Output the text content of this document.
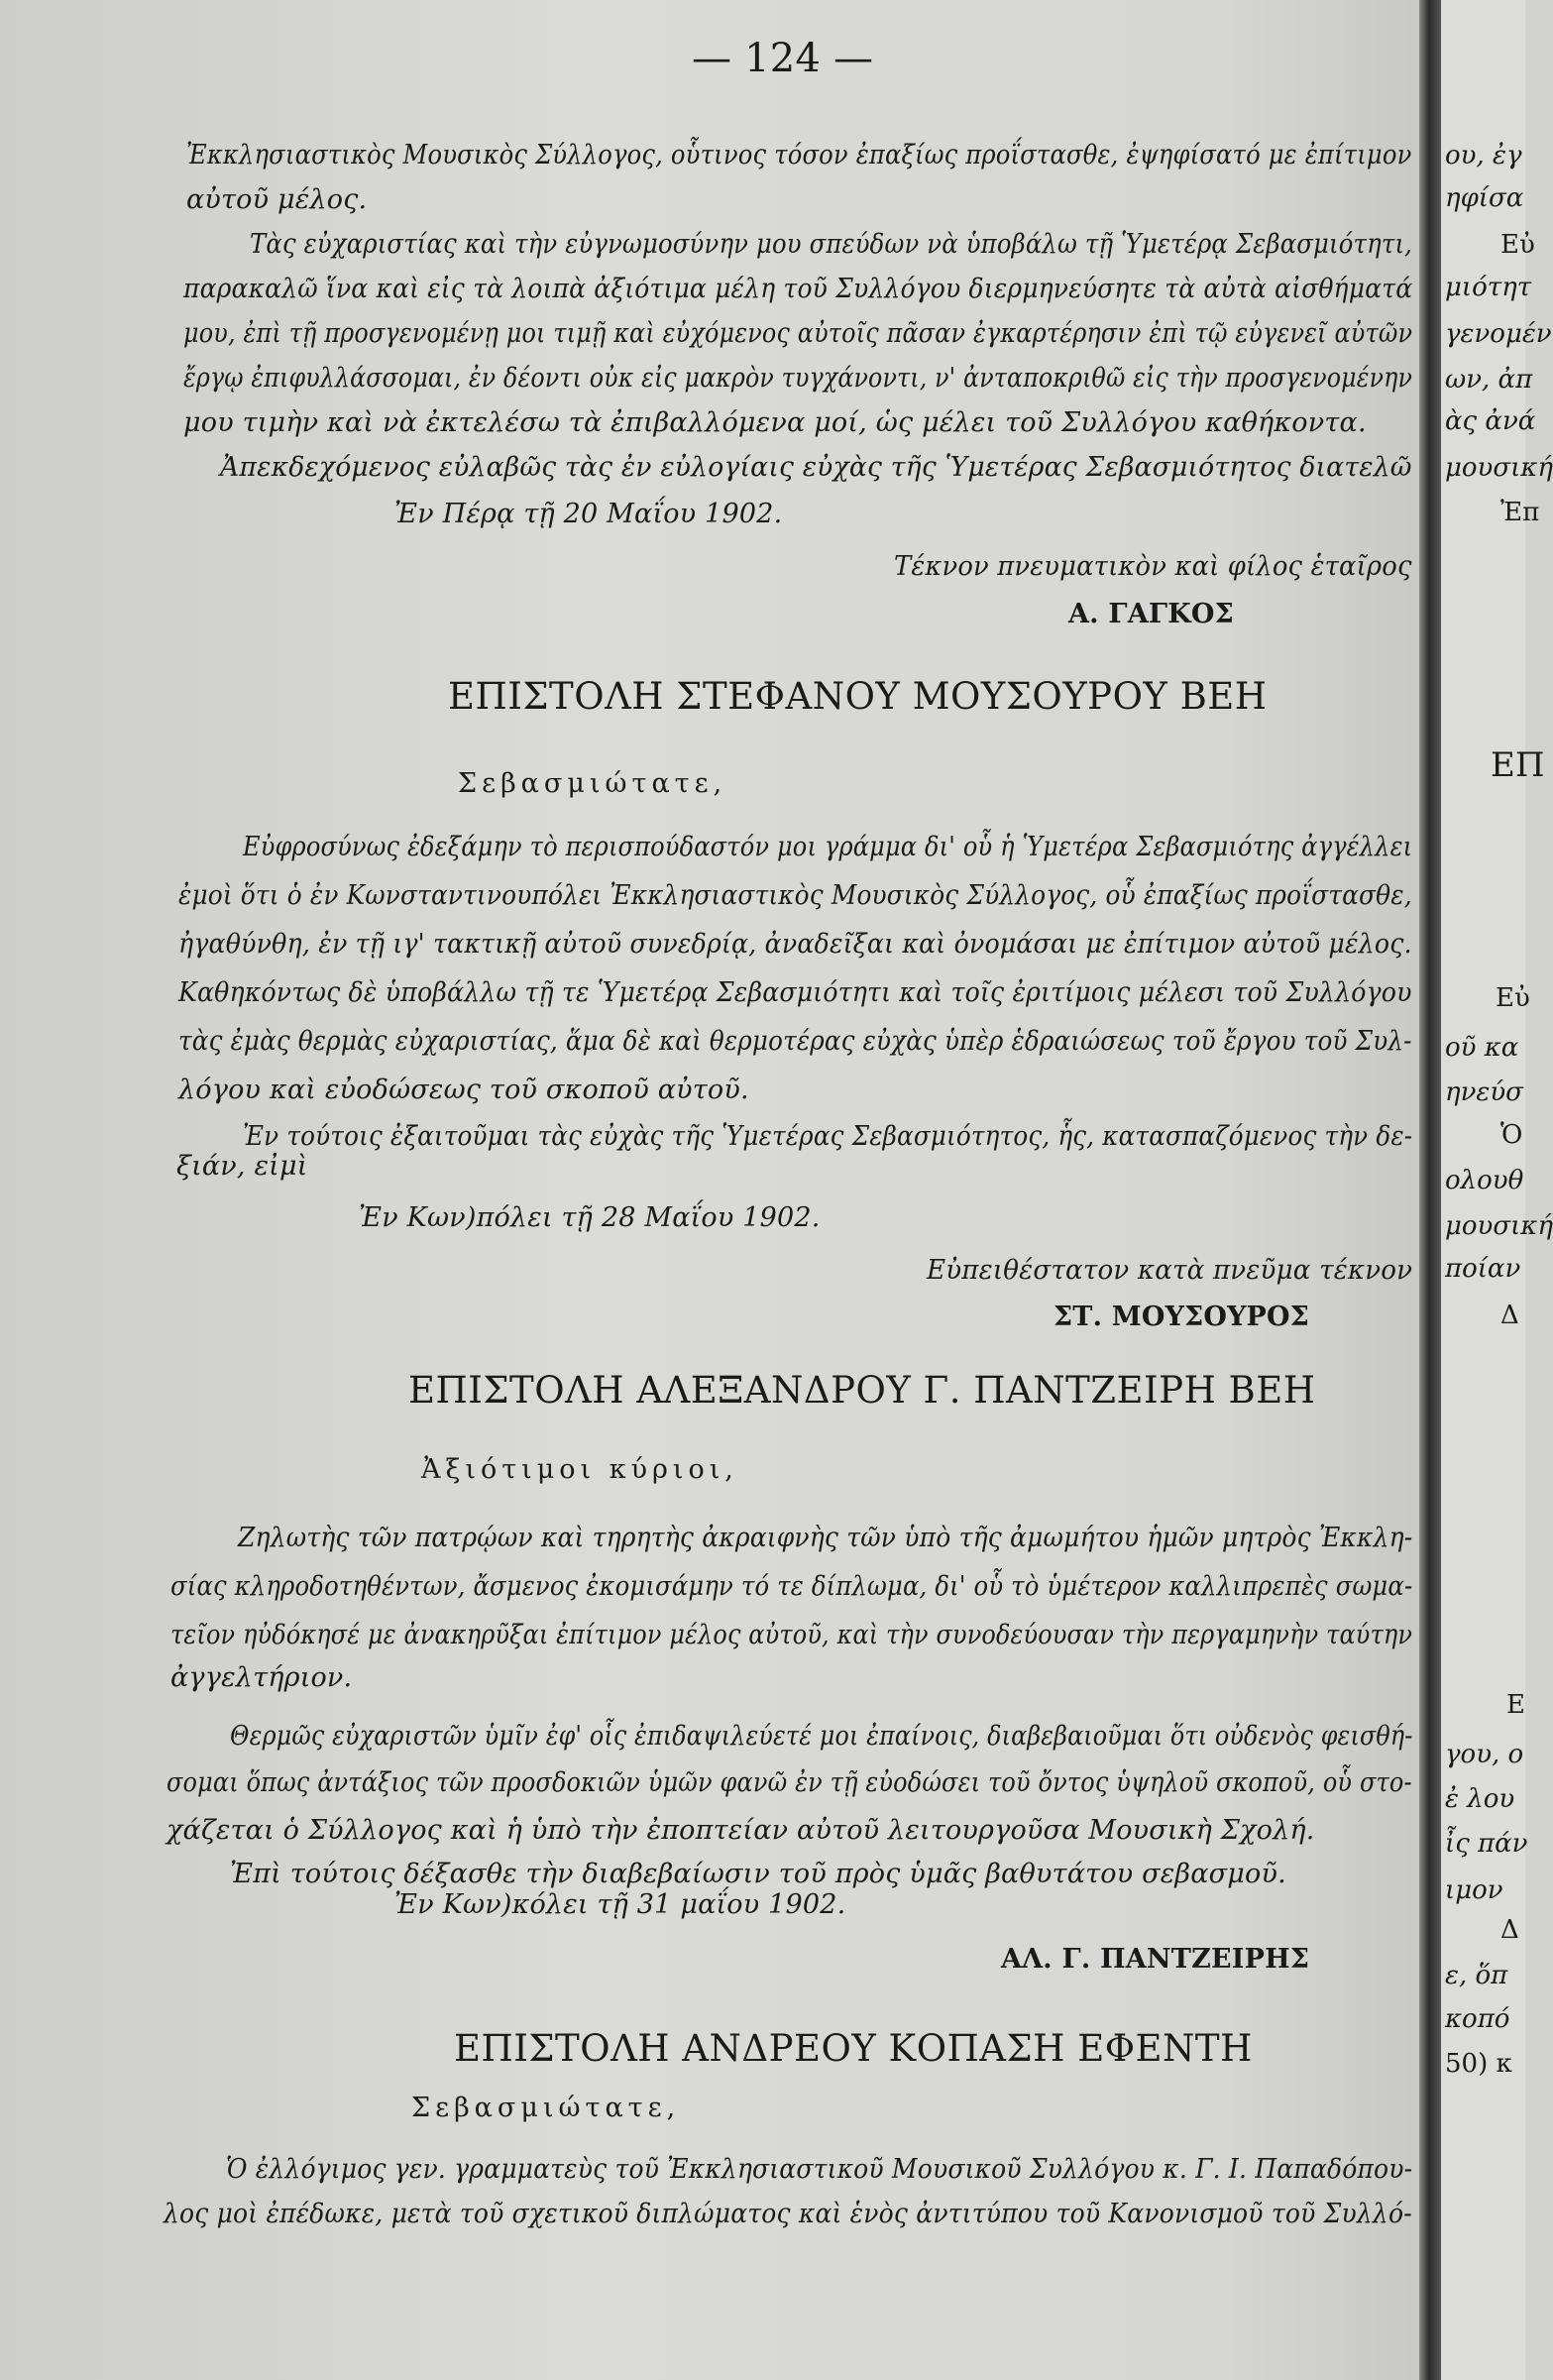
— 124 —
Ἐκκλησιαστικὸς Μουσικὸς Σύλλογος, οὗτινος τόσον ἐπαξίως προΐστασθε, ἐψηφίσατό με ἐπίτιμον
αὐτοῦ μέλος.
Τὰς εὐχαριστίας καὶ τὴν εὐγνωμοσύνην μου σπεύδων νὰ ὑποβάλω τῇ Ὑμετέρᾳ Σεβασμιότητι,
παρακαλῶ ἵνα καὶ εἰς τὰ λοιπὰ ἀξιότιμα μέλη τοῦ Συλλόγου διερμηνεύσητε τὰ αὐτὰ αἰσθήματά
μου, ἐπὶ τῇ προσγενομένῃ μοι τιμῇ καὶ εὐχόμενος αὐτοῖς πᾶσαν ἐγκαρτέρησιν ἐπὶ τῷ εὐγενεῖ αὐτῶν
ἔργῳ ἐπιφυλλάσσομαι, ἐν δέοντι οὐκ εἰς μακρὸν τυγχάνοντι, ν' ἀνταποκριθῶ εἰς τὴν προσγενομένην
μου τιμὴν καὶ νὰ ἐκτελέσω τὰ ἐπιβαλλόμενα μοί, ὡς μέλει τοῦ Συλλόγου καθήκοντα.
Ἀπεκδεχόμενος εὐλαβῶς τὰς ἐν εὐλογίαις εὐχὰς τῆς Ὑμετέρας Σεβασμιότητος διατελῶ
Ἐν Πέρᾳ τῇ 20 Μαΐου 1902.
Τέκνον πνευματικὸν καὶ φίλος ἑταῖρος
Α. ΓΑΓΚΟΣ
ΕΠΙΣΤΟΛΗ ΣΤΕΦΑΝΟΥ ΜΟΥΣΟΥΡΟΥ ΒΕΗ
Σεβασμιώτατε,
Εὐφροσύνως ἐδεξάμην τὸ περισπούδαστόν μοι γράμμα δι' οὗ ἡ Ὑμετέρα Σεβασμιότης ἀγγέλλει
ἐμοὶ ὅτι ὁ ἐν Κωνσταντινουπόλει Ἐκκλησιαστικὸς Μουσικὸς Σύλλογος, οὗ ἐπαξίως προΐστασθε,
ἠγαθύνθη, ἐν τῇ ιγ' τακτικῇ αὐτοῦ συνεδρίᾳ, ἀναδεῖξαι καὶ ὀνομάσαι με ἐπίτιμον αὐτοῦ μέλος.
Καθηκόντως δὲ ὑποβάλλω τῇ τε Ὑμετέρᾳ Σεβασμιότητι καὶ τοῖς ἐριτίμοις μέλεσι τοῦ Συλλόγου
τὰς ἐμὰς θερμὰς εὐχαριστίας, ἅμα δὲ καὶ θερμοτέρας εὐχὰς ὑπὲρ ἑδραιώσεως τοῦ ἔργου τοῦ Συλ-
λόγου καὶ εὐοδώσεως τοῦ σκοποῦ αὐτοῦ.
Ἐν τούτοις ἐξαιτοῦμαι τὰς εὐχὰς τῆς Ὑμετέρας Σεβασμιότητος, ἧς, κατασπαζόμενος τὴν δε-
ξιάν, εἰμὶ
Ἐν Κων)πόλει τῇ 28 Μαΐου 1902.
Εὐπειθέστατον κατὰ πνεῦμα τέκνον
ΣΤ. ΜΟΥΣΟΥΡΟΣ
ΕΠΙΣΤΟΛΗ ΑΛΕΞΑΝΔΡΟΥ Γ. ΠΑΝΤΖΕΙΡΗ ΒΕΗ
Ἀξιότιμοι κύριοι,
Ζηλωτὴς τῶν πατρῴων καὶ τηρητὴς ἀκραιφνὴς τῶν ὑπὸ τῆς ἀμωμήτου ἡμῶν μητρὸς Ἐκκλη-
σίας κληροδοτηθέντων, ἄσμενος ἐκομισάμην τό τε δίπλωμα, δι' οὗ τὸ ὑμέτερον καλλιπρεπὲς σωμα-
τεῖον ηὐδόκησέ με ἀνακηρῦξαι ἐπίτιμον μέλος αὐτοῦ, καὶ τὴν συνοδεύουσαν τὴν περγαμηνὴν ταύτην
ἀγγελτήριον.
Θερμῶς εὐχαριστῶν ὑμῖν ἐφ' οἷς ἐπιδαψιλεύετέ μοι ἐπαίνοις, διαβεβαιοῦμαι ὅτι οὐδενὸς φεισθή-
σομαι ὅπως ἀντάξιος τῶν προσδοκιῶν ὑμῶν φανῶ ἐν τῇ εὐοδώσει τοῦ ὄντος ὑψηλοῦ σκοποῦ, οὗ στο-
χάζεται ὁ Σύλλογος καὶ ἡ ὑπὸ τὴν ἐποπτείαν αὐτοῦ λειτουργοῦσα Μουσικὴ Σχολή.
Ἐπὶ τούτοις δέξασθε τὴν διαβεβαίωσιν τοῦ πρὸς ὑμᾶς βαθυτάτου σεβασμοῦ.
Ἐν Κων)κόλει τῇ 31 μαΐου 1902.
ΑΛ. Γ. ΠΑΝΤΖΕΙΡΗΣ
ΕΠΙΣΤΟΛΗ ΑΝΔΡΕΟΥ ΚΟΠΑΣΗ ΕΦΕΝΤΗ
Σεβασμιώτατε,
Ὁ ἐλλόγιμος γεν. γραμματεὺς τοῦ Ἐκκλησιαστικοῦ Μουσικοῦ Συλλόγου κ. Γ. Ι. Παπαδόπου-
λος μοὶ ἐπέδωκε, μετὰ τοῦ σχετικοῦ διπλώματος καὶ ἑνὸς ἀντιτύπου τοῦ Κανονισμοῦ τοῦ Συλλό-
ου, ἐγ
ηφίσα
Εὐ
μιότητ
γενομέν
ων, ἀπ
ὰς ἀνά
μουσική
Ἐπ
ΕΠ
Εὐ
οῦ κα
ηνεύσ
Ὁ
ολουθ
μουσική
ποίαν
Δ
Ε
γου, ο
ἐ λου
ἶς πάν
ιμον
Δ
ε, ὅπ
κοπό
50) κ
